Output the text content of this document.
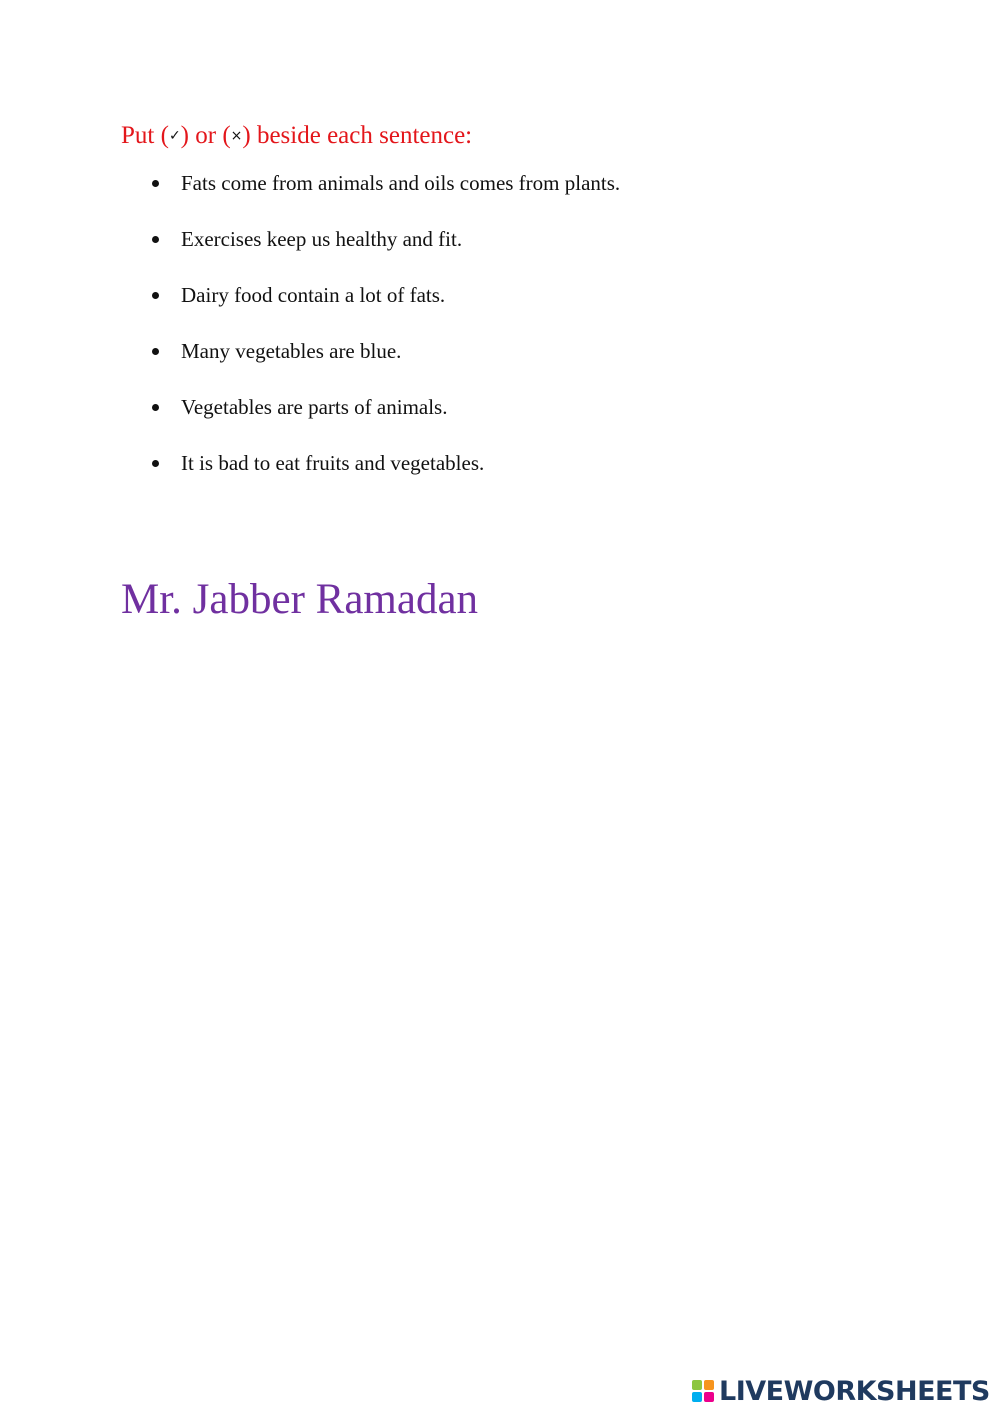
Put (✓) or (×) beside each sentence:
Fats come from animals and oils comes from plants.
Exercises keep us healthy and fit.
Dairy food contain a lot of fats.
Many vegetables are blue.
Vegetables are parts of animals.
It is bad to eat fruits and vegetables.
Mr. Jabber Ramadan
LIVEWORKSHEETS
